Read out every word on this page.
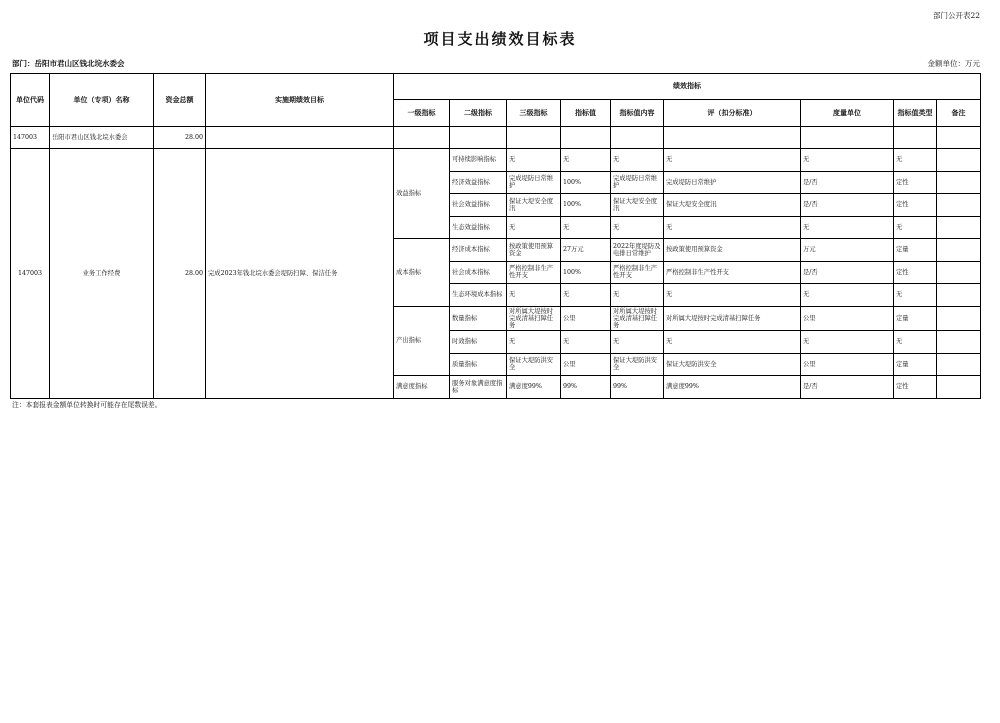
部门公开表22
项目支出绩效目标表
部门：岳阳市君山区钱北垸水委会	金额单位：万元
单位代码	单位（专项）名称	资金总额	实施期绩效目标	绩效指标								
				一级指标	二级指标	三级指标	指标值	指标值内容	评（扣分标准）	度量单位	指标值类型	备注
147003	岳阳市君山区钱北垸水委会	28.00										
147003	业务工作经费	28.00	完成2023年钱北垸水委会堤防扫障、保洁任务	效益指标	可持续影响指标	无	无	无	无	无	无	
					经济效益指标	完成堤防日常维护	100%	完成堤防日常维护	完成堤防日常维护	是/否	定性	
					社会效益指标	保证大堤安全度汛	100%	保证大堤安全度汛	保证大堤安全度汛	是/否	定性	
					生态效益指标	无	无	无	无	无	无	
				成本指标	经济成本指标	按政策使用预算资金	27万元	2022年度堤防及电排日常维护	按政策使用预算资金	万元	定量	
					社会成本指标	严格控制非生产性开支	100%	严格控制非生产性开支	严格控制非生产性开支	是/否	定性	
					生态环境成本指标	无	无	无	无	无	无	
				产出指标	数量指标	对所属大堤按时完成清基扫障任务	公里	对所属大堤按时完成清基扫障任务	对所属大堤按时完成清基扫障任务	公里	定量	
					时效指标	无	无	无	无	无	无	
					质量指标	保证大堤防洪安全	公里	保证大堤防洪安全	保证大堤防洪安全	公里	定量	
				满意度指标	服务对象满意度指标	满意度99%	99%	99%	满意度99%	是/否	定性	
注：本套报表金额单位转换时可能存在尾数误差。
